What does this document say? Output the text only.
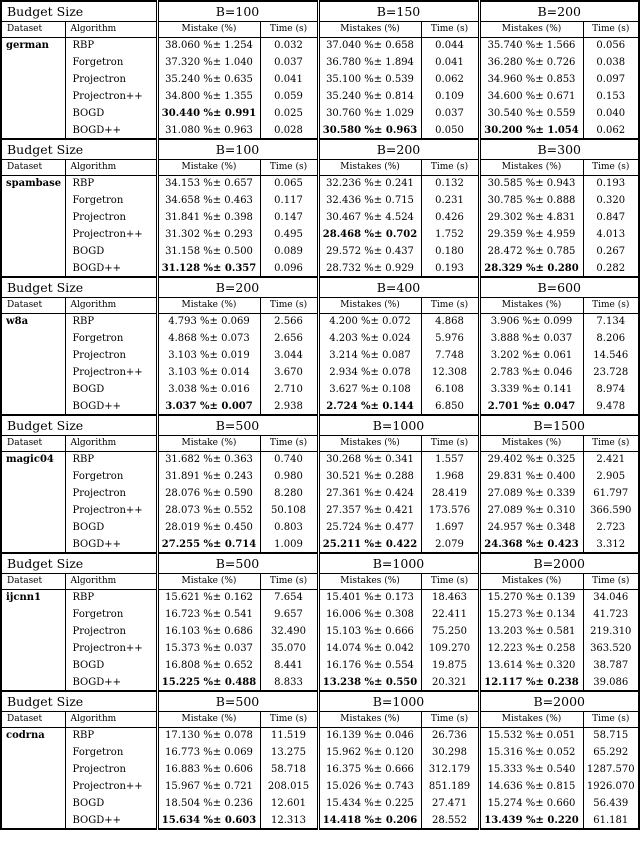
Budget Size		B=100		B=150		B=200	
Dataset	Algorithm	Mistake (%)	Time (s)	Mistakes (%)	Time (s)	Mistakes (%)	Time (s)
german	RBP	38.060 %± 1.254	0.032	37.040 %± 0.658	0.044	35.740 %± 1.566	0.056
	Forgetron	37.320 %± 1.040	0.037	36.780 %± 1.894	0.041	36.280 %± 0.726	0.038
	Projectron	35.240 %± 0.635	0.041	35.100 %± 0.539	0.062	34.960 %± 0.853	0.097
	Projectron++	34.800 %± 1.355	0.059	35.240 %± 0.814	0.109	34.600 %± 0.671	0.153
	BOGD	30.440 %± 0.991	0.025	30.760 %± 1.029	0.037	30.540 %± 0.559	0.040
	BOGD++	31.080 %± 0.963	0.028	30.580 %± 0.963	0.050	30.200 %± 1.054	0.062
Budget Size		B=100		B=200		B=300	
Dataset	Algorithm	Mistake (%)	Time (s)	Mistakes (%)	Time (s)	Mistakes (%)	Time (s)
spambase	RBP	34.153 %± 0.657	0.065	32.236 %± 0.241	0.132	30.585 %± 0.943	0.193
	Forgetron	34.658 %± 0.463	0.117	32.436 %± 0.715	0.231	30.785 %± 0.888	0.320
	Projectron	31.841 %± 0.398	0.147	30.467 %± 4.524	0.426	29.302 %± 4.831	0.847
	Projectron++	31.302 %± 0.293	0.495	28.468 %± 0.702	1.752	29.359 %± 4.959	4.013
	BOGD	31.158 %± 0.500	0.089	29.572 %± 0.437	0.180	28.472 %± 0.785	0.267
	BOGD++	31.128 %± 0.357	0.096	28.732 %± 0.929	0.193	28.329 %± 0.280	0.282
Budget Size		B=200		B=400		B=600	
Dataset	Algorithm	Mistake (%)	Time (s)	Mistakes (%)	Time (s)	Mistakes (%)	Time (s)
w8a	RBP	4.793 %± 0.069	2.566	4.200 %± 0.072	4.868	3.906 %± 0.099	7.134
	Forgetron	4.868 %± 0.073	2.656	4.203 %± 0.024	5.976	3.888 %± 0.037	8.206
	Projectron	3.103 %± 0.019	3.044	3.214 %± 0.087	7.748	3.202 %± 0.061	14.546
	Projectron++	3.103 %± 0.014	3.670	2.934 %± 0.078	12.308	2.783 %± 0.046	23.728
	BOGD	3.038 %± 0.016	2.710	3.627 %± 0.108	6.108	3.339 %± 0.141	8.974
	BOGD++	3.037 %± 0.007	2.938	2.724 %± 0.144	6.850	2.701 %± 0.047	9.478
Budget Size		B=500		B=1000		B=1500	
Dataset	Algorithm	Mistake (%)	Time (s)	Mistakes (%)	Time (s)	Mistakes (%)	Time (s)
magic04	RBP	31.682 %± 0.363	0.740	30.268 %± 0.341	1.557	29.402 %± 0.325	2.421
	Forgetron	31.891 %± 0.243	0.980	30.521 %± 0.288	1.968	29.831 %± 0.400	2.905
	Projectron	28.076 %± 0.590	8.280	27.361 %± 0.424	28.419	27.089 %± 0.339	61.797
	Projectron++	28.073 %± 0.552	50.108	27.357 %± 0.421	173.576	27.089 %± 0.310	366.590
	BOGD	28.019 %± 0.450	0.803	25.724 %± 0.477	1.697	24.957 %± 0.348	2.723
	BOGD++	27.255 %± 0.714	1.009	25.211 %± 0.422	2.079	24.368 %± 0.423	3.312
Budget Size		B=500		B=1000		B=2000	
Dataset	Algorithm	Mistake (%)	Time (s)	Mistakes (%)	Time (s)	Mistakes (%)	Time (s)
ijcnn1	RBP	15.621 %± 0.162	7.654	15.401 %± 0.173	18.463	15.270 %± 0.139	34.046
	Forgetron	16.723 %± 0.541	9.657	16.006 %± 0.308	22.411	15.273 %± 0.134	41.723
	Projectron	16.103 %± 0.686	32.490	15.103 %± 0.666	75.250	13.203 %± 0.581	219.310
	Projectron++	15.373 %± 0.037	35.070	14.074 %± 0.042	109.270	12.223 %± 0.258	363.520
	BOGD	16.808 %± 0.652	8.441	16.176 %± 0.554	19.875	13.614 %± 0.320	38.787
	BOGD++	15.225 %± 0.488	8.833	13.238 %± 0.550	20.321	12.117 %± 0.238	39.086
Budget Size		B=500		B=1000		B=2000	
Dataset	Algorithm	Mistake (%)	Time (s)	Mistakes (%)	Time (s)	Mistakes (%)	Time (s)
codrna	RBP	17.130 %± 0.078	11.519	16.139 %± 0.046	26.736	15.532 %± 0.051	58.715
	Forgetron	16.773 %± 0.069	13.275	15.962 %± 0.120	30.298	15.316 %± 0.052	65.292
	Projectron	16.883 %± 0.606	58.718	16.375 %± 0.666	312.179	15.333 %± 0.540	1287.570
	Projectron++	15.967 %± 0.721	208.015	15.026 %± 0.743	851.189	14.636 %± 0.815	1926.070
	BOGD	18.504 %± 0.236	12.601	15.434 %± 0.225	27.471	15.274 %± 0.660	56.439
	BOGD++	15.634 %± 0.603	12.313	14.418 %± 0.206	28.552	13.439 %± 0.220	61.181
